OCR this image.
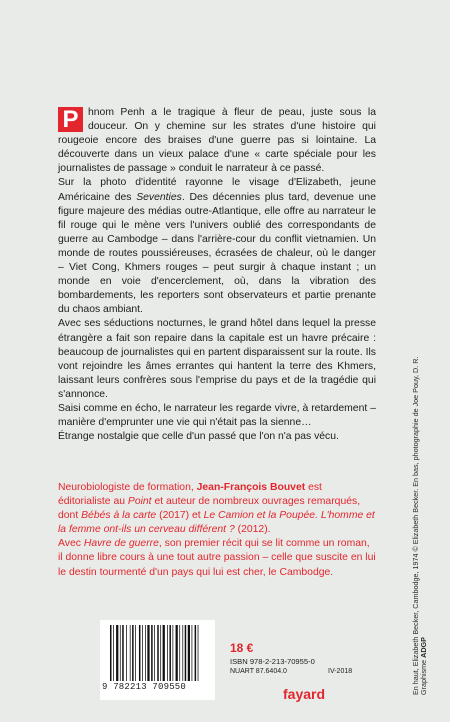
P hnom Penh a le tragique à fleur de peau, juste sous la douceur. On y chemine sur les strates d'une histoire qui rougeoie encore des braises d'une guerre pas si lointaine. La découverte dans un vieux palace d'une « carte spéciale pour les journalistes de passage » conduit le narrateur à ce passé.

Sur la photo d'identité rayonne le visage d'Elizabeth, jeune Américaine des Seventies. Des décennies plus tard, devenue une figure majeure des médias outre-Atlantique, elle offre au narrateur le fil rouge qui le mène vers l'univers oublié des correspondants de guerre au Cambodge – dans l'arrière-cour du conflit vietnamien. Un monde de routes poussiéreuses, écrasées de chaleur, où le danger – Viet Cong, Khmers rouges – peut surgir à chaque instant ; un monde en voie d'encerclement, où, dans la vibration des bombardements, les reporters sont observateurs et partie prenante du chaos ambiant.

Avec ses séductions nocturnes, le grand hôtel dans lequel la presse étrangère a fait son repaire dans la capitale est un havre précaire : beaucoup de journalistes qui en partent disparaissent sur la route. Ils vont rejoindre les âmes errantes qui hantent la terre des Khmers, laissant leurs confrères sous l'emprise du pays et de la tragédie qui s'annonce.

Saisi comme en écho, le narrateur les regarde vivre, à retardement – manière d'emprunter une vie qui n'était pas la sienne…

Étrange nostalgie que celle d'un passé que l'on n'a pas vécu.

Neurobiologiste de formation, Jean-François Bouvet est éditorialiste au Point et auteur de nombreux ouvrages remarqués, dont Bébés à la carte (2017) et Le Camion et la Poupée. L'homme et la femme ont-ils un cerveau différent ? (2012).

Avec Havre de guerre, son premier récit qui se lit comme un roman, il donne libre cours à une tout autre passion – celle que suscite en lui le destin tourmenté d'un pays qui lui est cher, le Cambodge.	En haut, Elizabeth Becker, Cambodge, 1974 © Elizabeth Becker. En bas, photographie de Joe Pouy, D. R. Graphisme ADGP
9 782213 709550
18 €
ISBN 978-2-213-70955-0
NUART 87.6404.0	IV-2018
fayard
